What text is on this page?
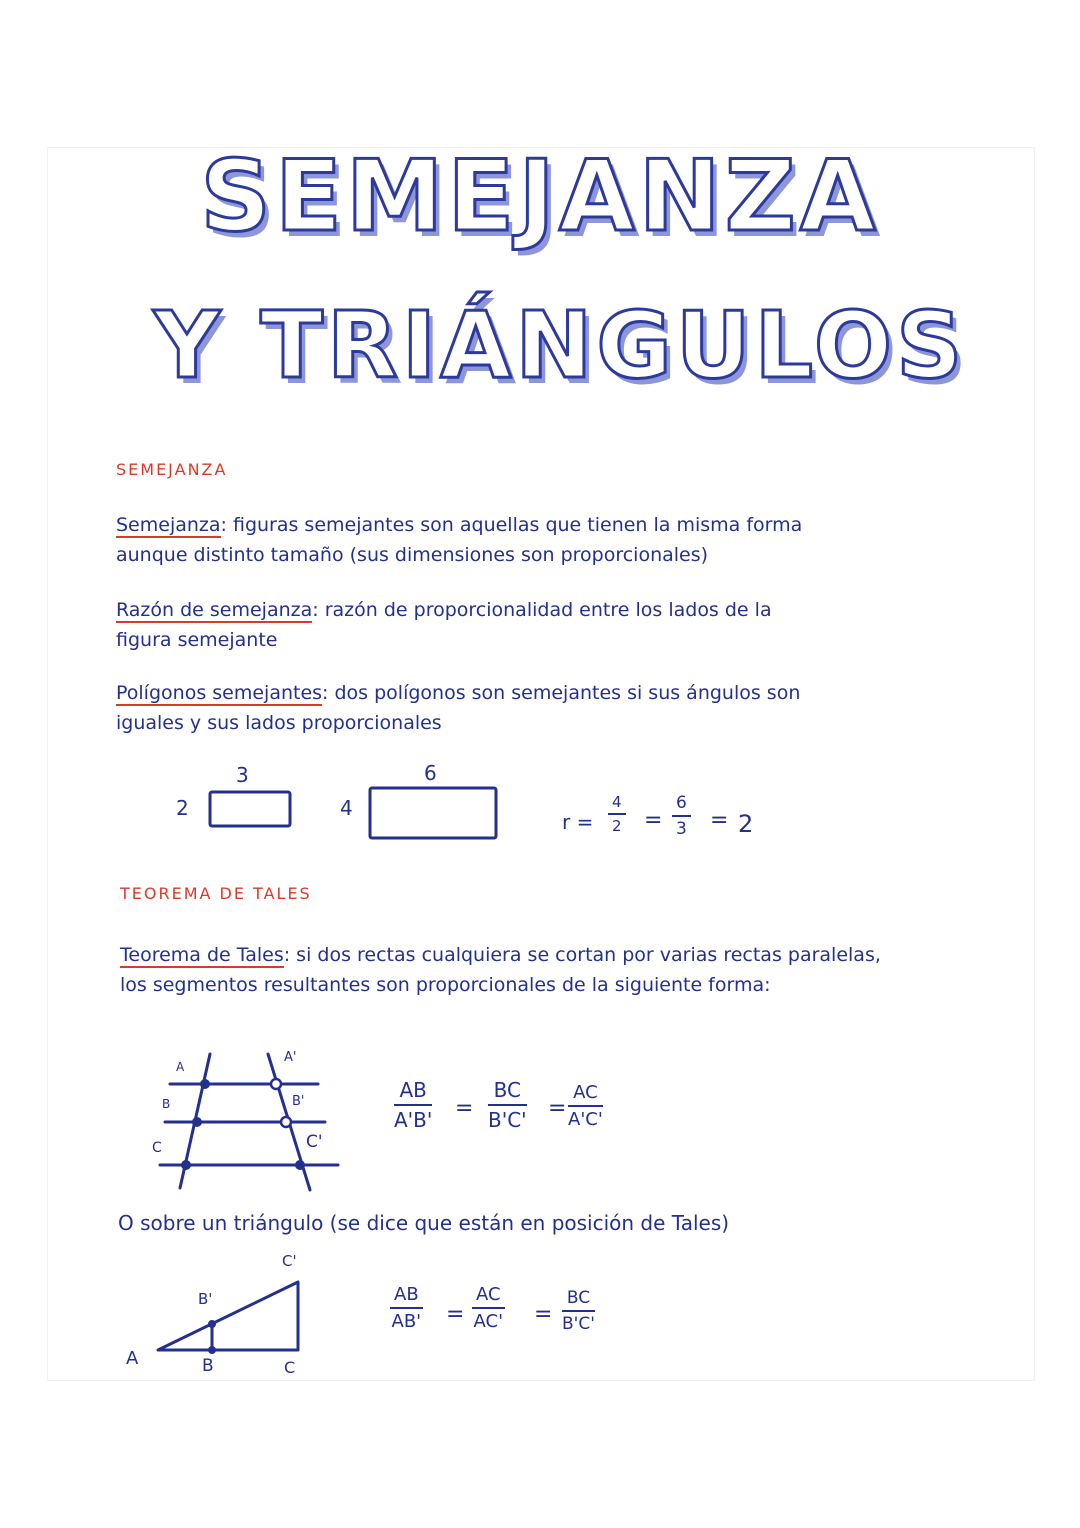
SEMEJANZA
Y TRIÁNGULOS
SEMEJANZA
Semejanza: figuras semejantes son aquellas que tienen la misma forma
aunque distinto tamaño (sus dimensiones son proporcionales)
Razón de semejanza: razón de proporcionalidad entre los lados de la
figura semejante
Polígonos semejantes: dos polígonos son semejantes si sus ángulos son
iguales y sus lados proporcionales
3
2
6
4
$r = \frac{4}{2} = \frac{6}{3} = 2$
TEOREMA DE TALES
Teorema de Tales: si dos rectas cualquiera se cortan por varias rectas paralelas,
los segmentos resultantes son proporcionales de la siguiente forma:
A
B
C
A'
B'
C'
$\frac{AB}{A'B'} = \frac{BC}{B'C'} = \frac{AC}{A'C'}$
O sobre un triángulo (se dice que están en posición de Tales)
A	B	C
B'
C'
$\frac{AB}{AB'} = \frac{AC}{AC'} = \frac{BC}{B'C'}$
